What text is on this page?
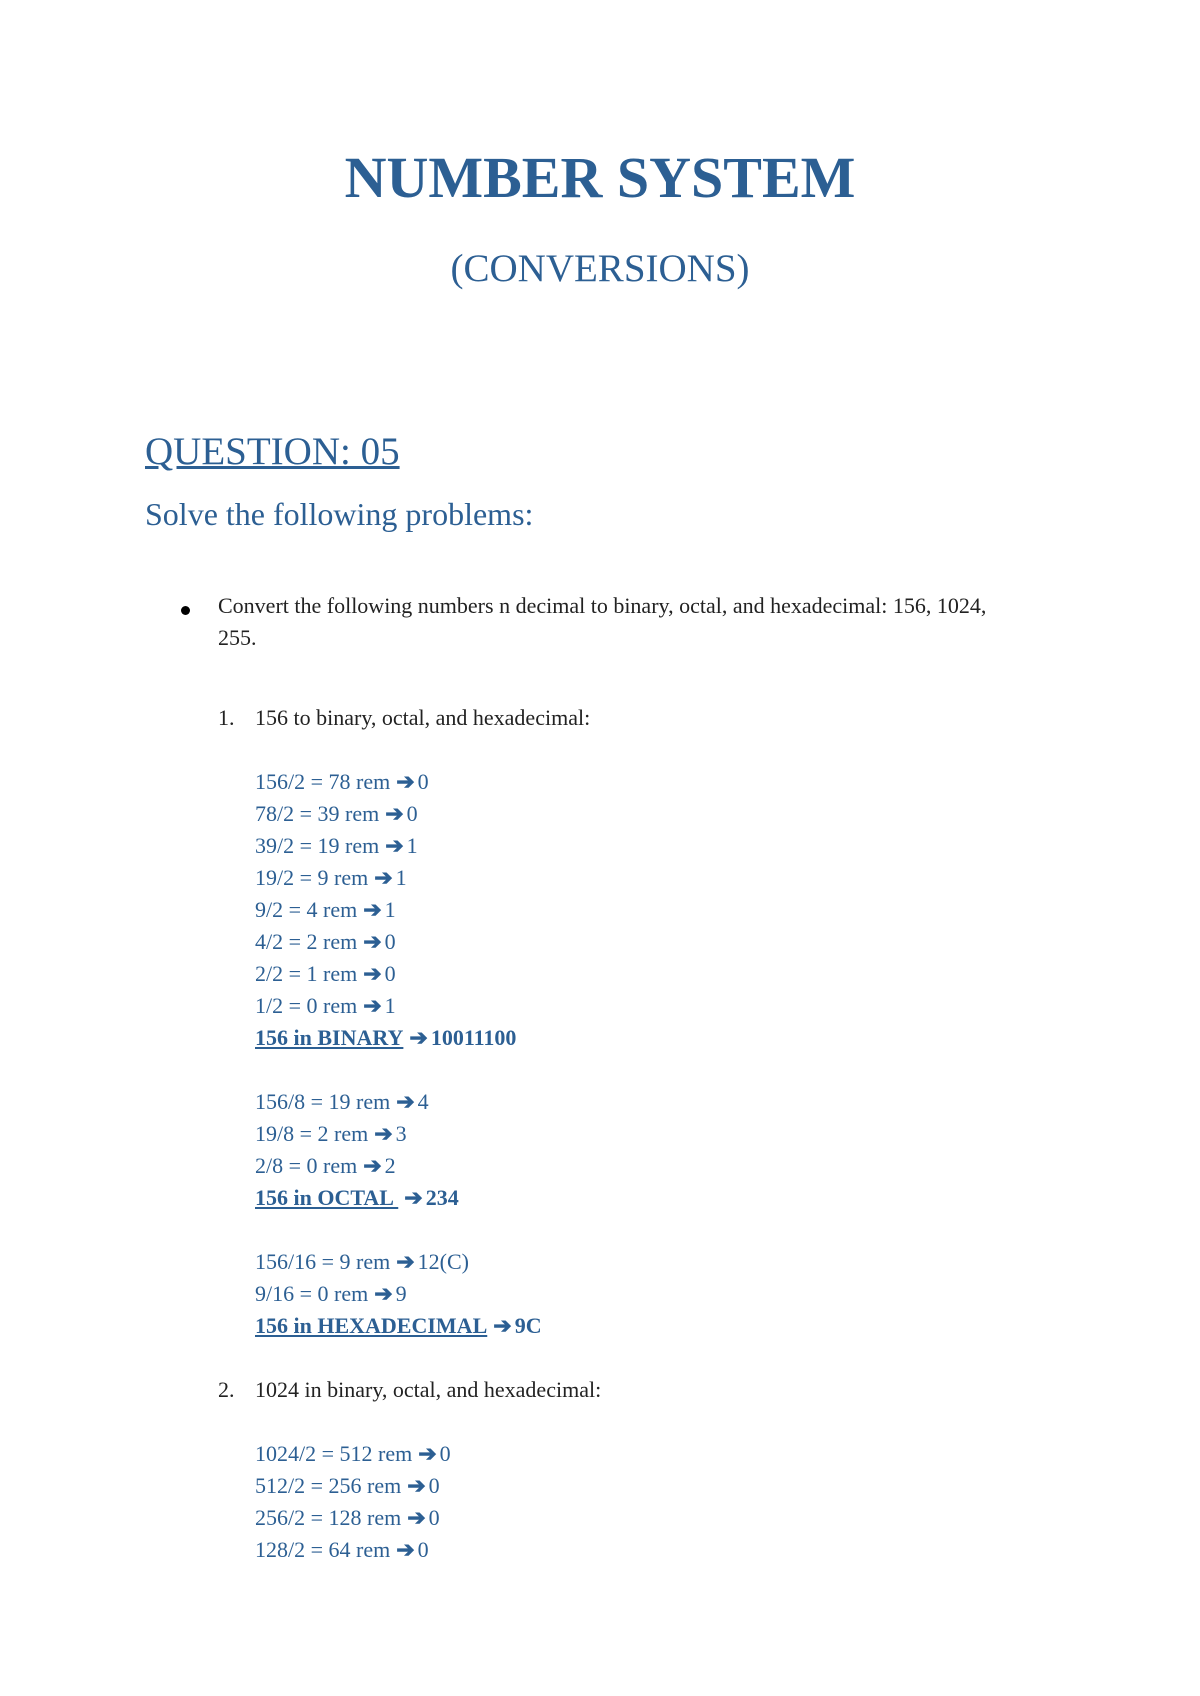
NUMBER SYSTEM
(CONVERSIONS)
QUESTION: 05
Solve the following problems:
Convert the following numbers n decimal to binary, octal, and hexadecimal: 156, 1024, 255.
1. 156 to binary, octal, and hexadecimal:
156/2 = 78 rem ➔ 0
78/2 = 39 rem ➔ 0
39/2 = 19 rem ➔ 1
19/2 = 9 rem ➔ 1
9/2 = 4 rem ➔ 1
4/2 = 2 rem ➔ 0
2/2 = 1 rem ➔ 0
1/2 = 0 rem ➔ 1
156 in BINARY ➔ 10011100
156/8 = 19 rem ➔ 4
19/8 = 2 rem ➔ 3
2/8 = 0 rem ➔ 2
156 in OCTAL ➔ 234
156/16 = 9 rem ➔ 12(C)
9/16 = 0 rem ➔ 9
156 in HEXADECIMAL ➔ 9C
2. 1024 in binary, octal, and hexadecimal:
1024/2 = 512 rem ➔ 0
512/2 = 256 rem ➔ 0
256/2 = 128 rem ➔ 0
128/2 = 64 rem ➔ 0
